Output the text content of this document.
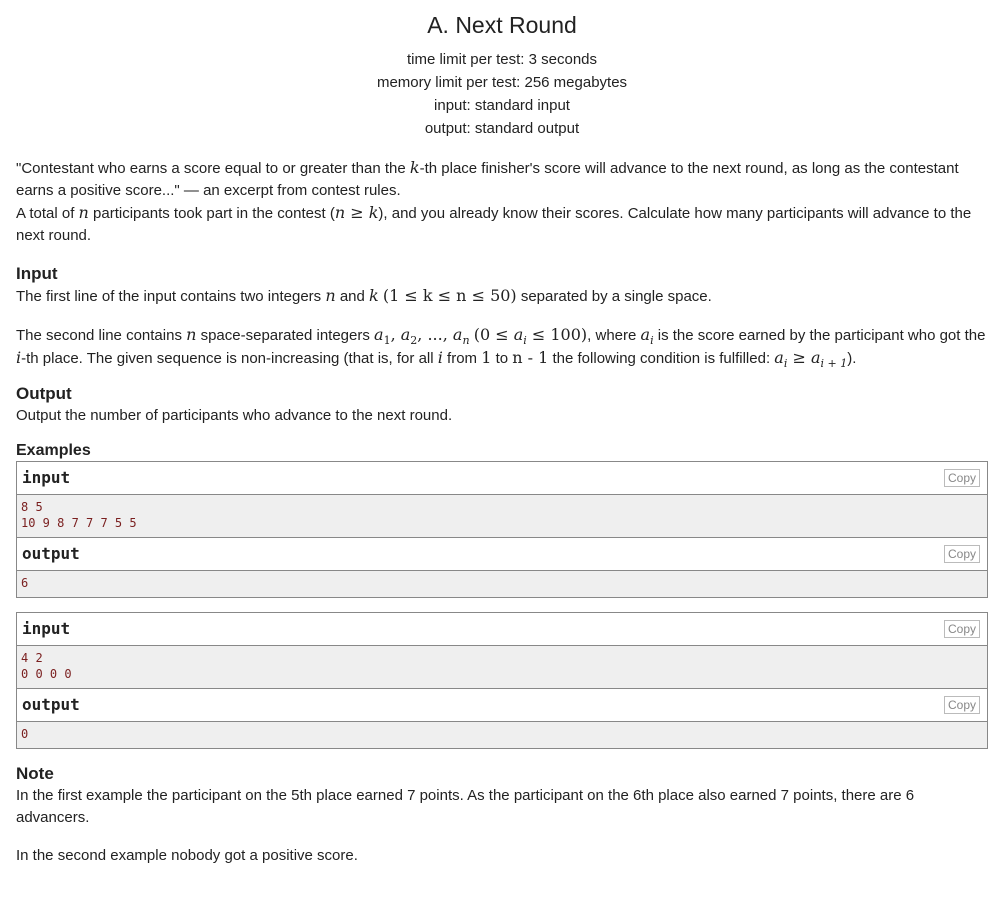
A. Next Round
time limit per test: 3 seconds
memory limit per test: 256 megabytes
input: standard input
output: standard output

"Contestant who earns a score equal to or greater than the k-th place finisher's score will advance to the next round, as long as the contestant earns a positive score..." — an excerpt from contest rules.

A total of n participants took part in the contest (n ≥ k), and you already know their scores. Calculate how many participants will advance to the next round.

Input

The first line of the input contains two integers n and k (1 ≤ k ≤ n ≤ 50) separated by a single space.

The second line contains n space-separated integers $a_1$, $a_2$, ..., $a_n$ $(0 \le a_i \le 100)$, where $a_i$ is the score earned by the participant who got the i-th place. The given sequence is non-increasing (that is, for all i from 1 to n - 1 the following condition is fulfilled: $a_i \ge a_{i + 1}$).

Output

Output the number of participants who advance to the next round.

Examples
input	Copy
8 5
10 9 8 7 7 7 5 5
output	Copy
6
input	Copy
4 2
0 0 0 0
output	Copy
0
Note

In the first example the participant on the 5th place earned 7 points. As the participant on the 6th place also earned 7 points, there are 6 advancers.

In the second example nobody got a positive score.
